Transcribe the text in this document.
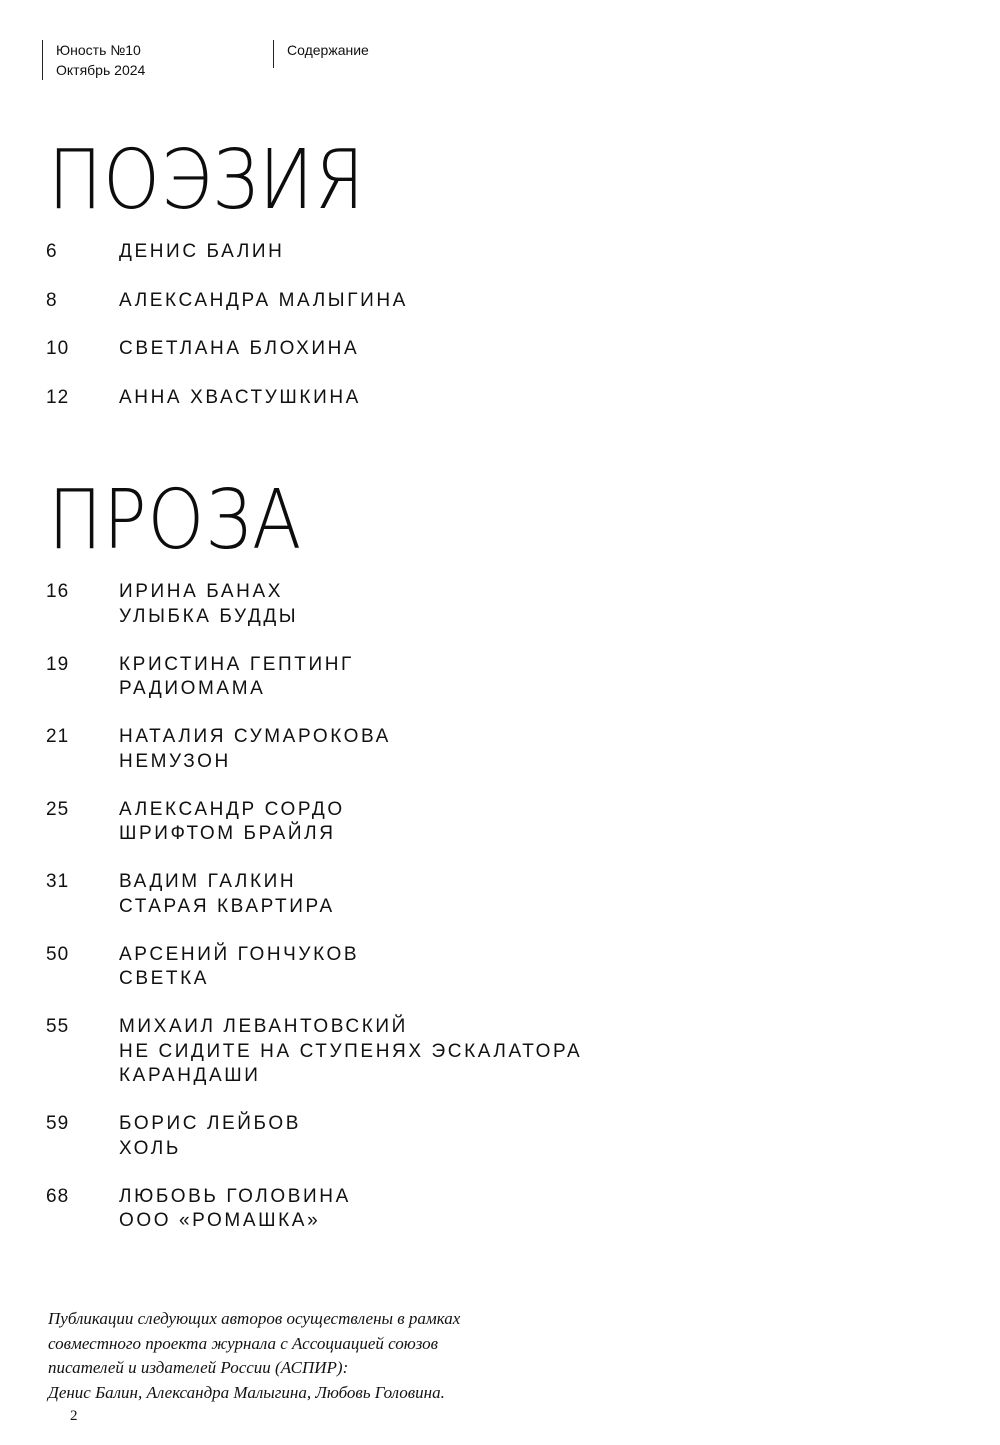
Юность №10
Октябрь 2024
Содержание
ПОЭЗИЯ
6	ДЕНИС БАЛИН
8	АЛЕКСАНДРА МАЛЫГИНА
10	СВЕТЛАНА БЛОХИНА
12	АННА ХВАСТУШКИНА
ПРОЗА
16	ИРИНА БАНАХ
УЛЫБКА БУДДЫ
19	КРИСТИНА ГЕПТИНГ
РАДИОМАМА
21	НАТАЛИЯ СУМАРОКОВА
НЕМУЗОН
25	АЛЕКСАНДР СОРДО
ШРИФТОМ БРАЙЛЯ
31	ВАДИМ ГАЛКИН
СТАРАЯ КВАРТИРА
50	АРСЕНИЙ ГОНЧУКОВ
СВЕТКА
55	МИХАИЛ ЛЕВАНТОВСКИЙ
НЕ СИДИТЕ НА СТУПЕНЯХ ЭСКАЛАТОРА
КАРАНДАШИ
59	БОРИС ЛЕЙБОВ
ХОЛЬ
68	ЛЮБОВЬ ГОЛОВИНА
ООО «РОМАШКА»

Публикации следующих авторов осуществлены в рамках
совместного проекта журнала с Ассоциацией союзов
писателей и издателей России (АСПИР):
Денис Балин, Александра Малыгина, Любовь Головина.

2
